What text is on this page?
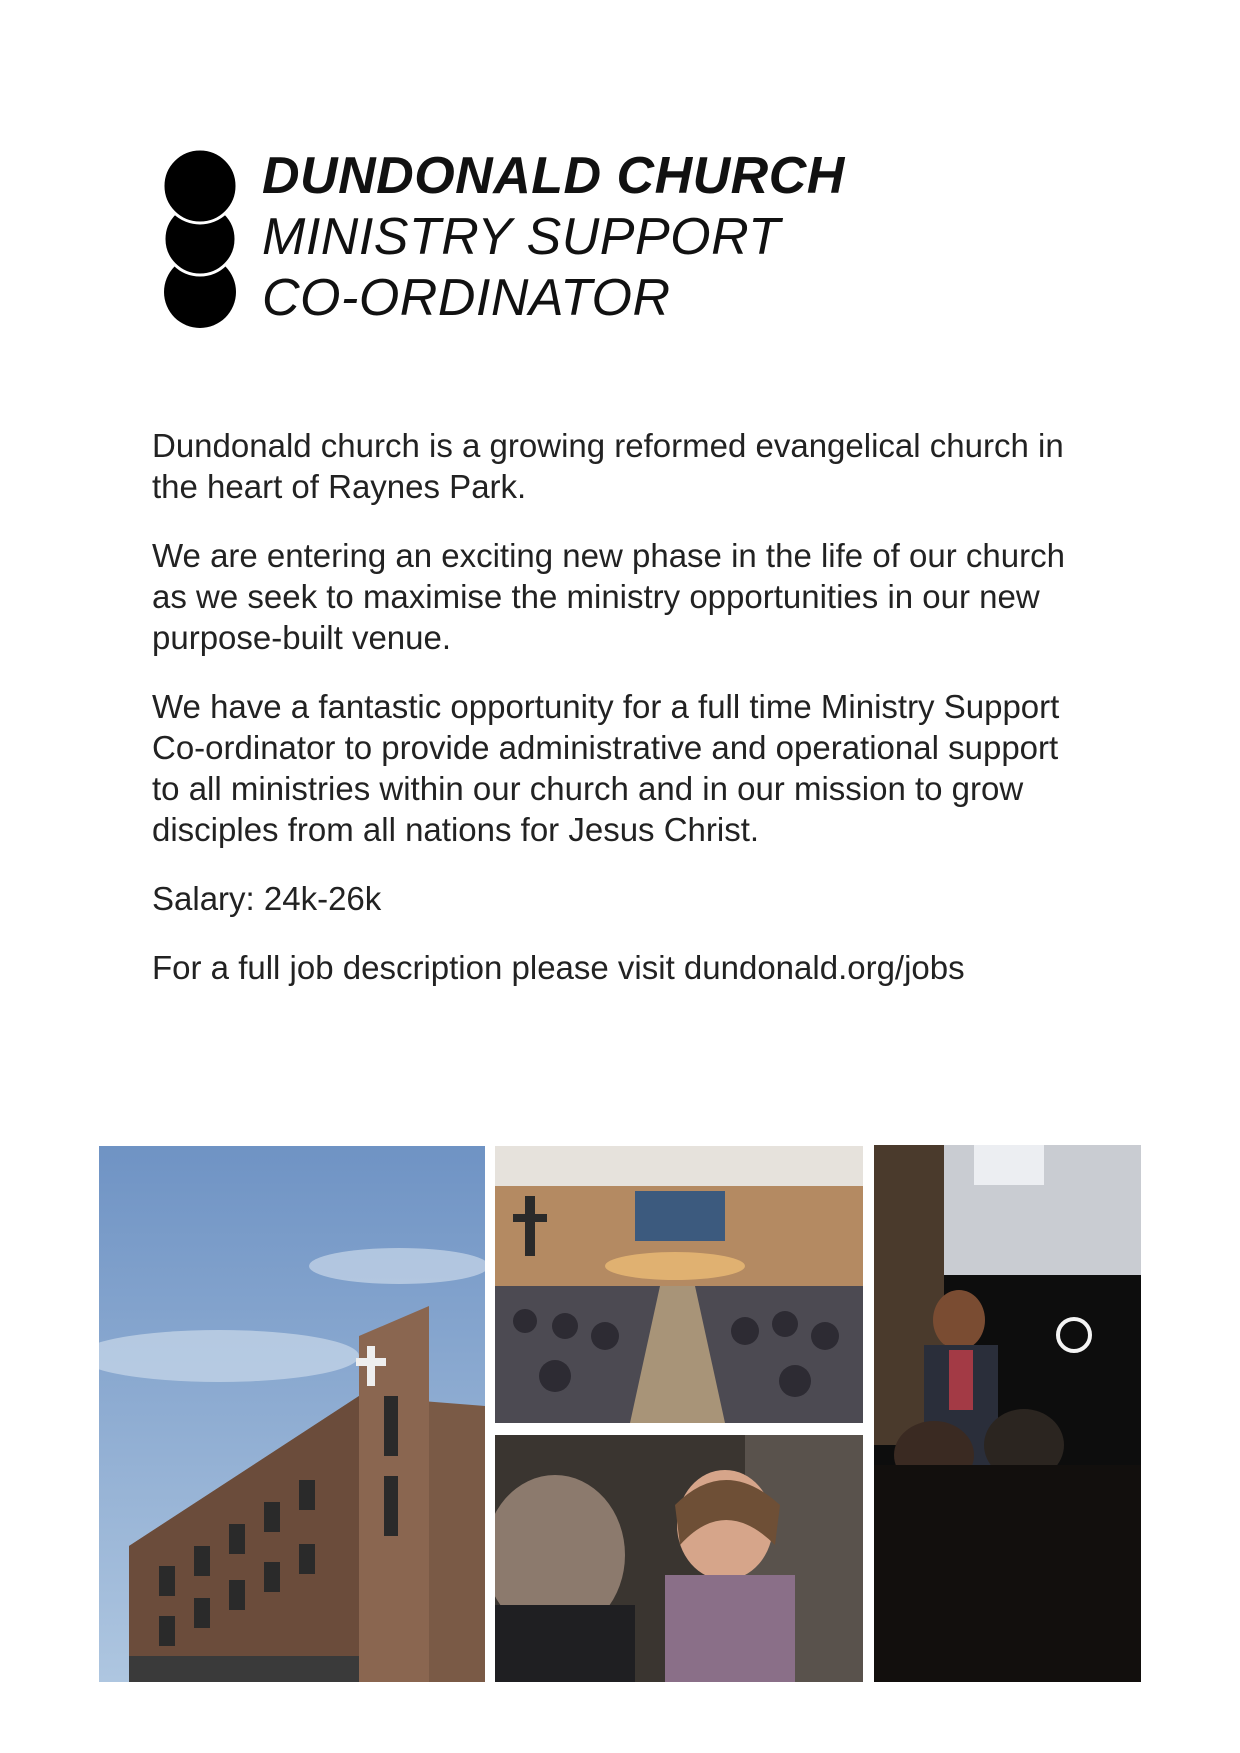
DUNDONALD CHURCH
MINISTRY SUPPORT
CO-ORDINATOR

Dundonald church is a growing reformed evangelical church in the heart of Raynes Park.

We are entering an exciting new phase in the life of our church as we seek to maximise the ministry opportunities in our new purpose-built venue.

We have a fantastic opportunity for a full time Ministry Support Co-ordinator to provide administrative and operational support to all ministries within our church and in our mission to grow disciples from all nations for Jesus Christ.

Salary: 24k-26k

For a full job description please visit dundonald.org/jobs
